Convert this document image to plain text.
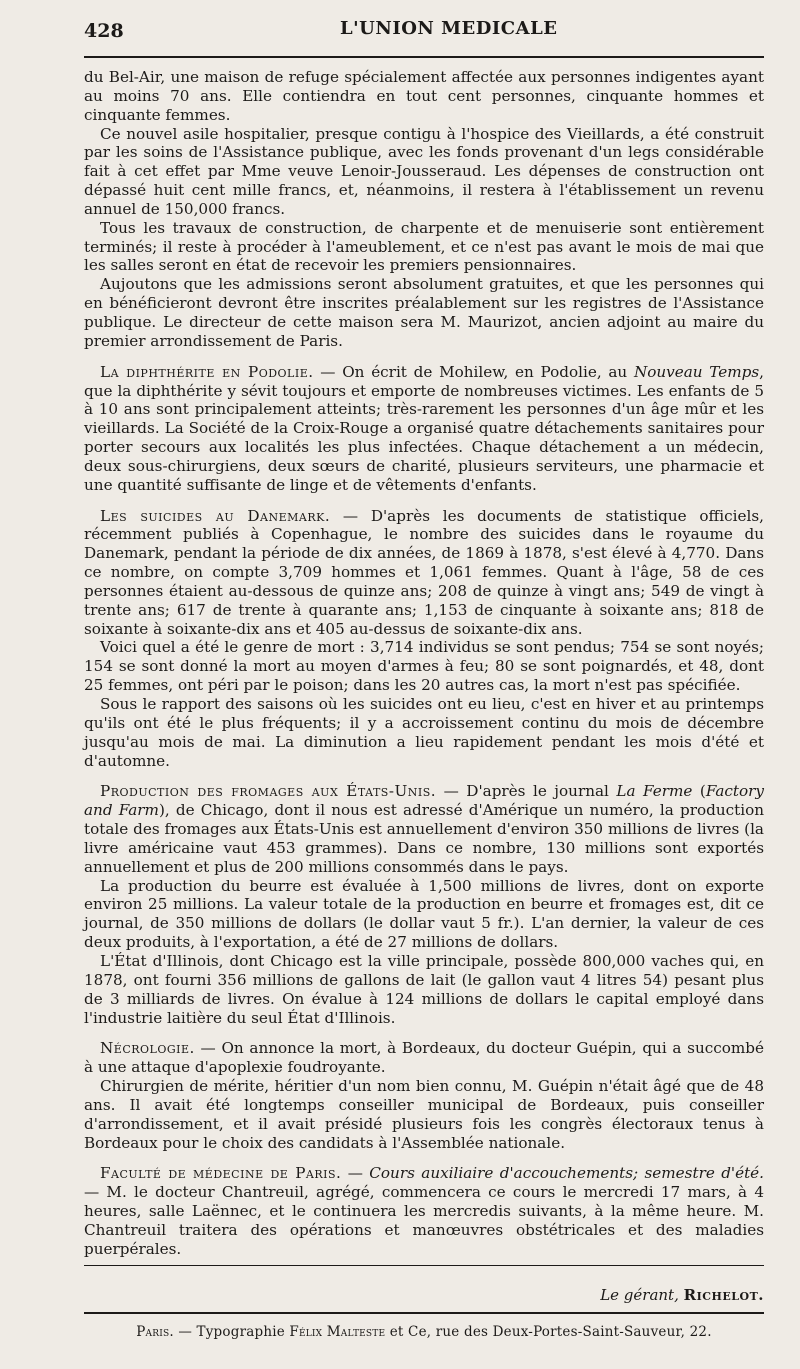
428	L'UNION MEDICALE

du Bel-Air, une maison de refuge spécialement affectée aux personnes indigentes ayant au moins 70 ans. Elle contiendra en tout cent personnes, cinquante hommes et cinquante femmes.

Ce nouvel asile hospitalier, presque contigu à l'hospice des Vieillards, a été construit par les soins de l'Assistance publique, avec les fonds provenant d'un legs considérable fait à cet effet par Mme veuve Lenoir-Jousseraud. Les dépenses de construction ont dépassé huit cent mille francs, et, néanmoins, il restera à l'établissement un revenu annuel de 150,000 francs.

Tous les travaux de construction, de charpente et de menuiserie sont entièrement terminés; il reste à procéder à l'ameublement, et ce n'est pas avant le mois de mai que les salles seront en état de recevoir les premiers pensionnaires.

Aujoutons que les admissions seront absolument gratuites, et que les personnes qui en bénéficieront devront être inscrites préalablement sur les registres de l'Assistance publique. Le directeur de cette maison sera M. Maurizot, ancien adjoint au maire du premier arrondissement de Paris.

La diphthérite en Podolie. — On écrit de Mohilew, en Podolie, au Nouveau Temps, que la diphthérite y sévit toujours et emporte de nombreuses victimes. Les enfants de 5 à 10 ans sont principalement atteints; très-rarement les personnes d'un âge mûr et les vieillards. La Société de la Croix-Rouge a organisé quatre détachements sanitaires pour porter secours aux localités les plus infectées. Chaque détachement a un médecin, deux sous-chirurgiens, deux sœurs de charité, plusieurs serviteurs, une pharmacie et une quantité suffisante de linge et de vêtements d'enfants.

Les suicides au Danemark. — D'après les documents de statistique officiels, récemment publiés à Copenhague, le nombre des suicides dans le royaume du Danemark, pendant la période de dix années, de 1869 à 1878, s'est élevé à 4,770. Dans ce nombre, on compte 3,709 hommes et 1,061 femmes. Quant à l'âge, 58 de ces personnes étaient au-dessous de quinze ans; 208 de quinze à vingt ans; 549 de vingt à trente ans; 617 de trente à quarante ans; 1,153 de cinquante à soixante ans; 818 de soixante à soixante-dix ans et 405 au-dessus de soixante-dix ans.

Voici quel a été le genre de mort : 3,714 individus se sont pendus; 754 se sont noyés; 154 se sont donné la mort au moyen d'armes à feu; 80 se sont poignardés, et 48, dont 25 femmes, ont péri par le poison; dans les 20 autres cas, la mort n'est pas spécifiée.

Sous le rapport des saisons où les suicides ont eu lieu, c'est en hiver et au printemps qu'ils ont été le plus fréquents; il y a accroissement continu du mois de décembre jusqu'au mois de mai. La diminution a lieu rapidement pendant les mois d'été et d'automne.

Production des fromages aux États-Unis. — D'après le journal La Ferme (Factory and Farm), de Chicago, dont il nous est adressé d'Amérique un numéro, la production totale des fromages aux États-Unis est annuellement d'environ 350 millions de livres (la livre américaine vaut 453 grammes). Dans ce nombre, 130 millions sont exportés annuellement et plus de 200 millions consommés dans le pays.

La production du beurre est évaluée à 1,500 millions de livres, dont on exporte environ 25 millions. La valeur totale de la production en beurre et fromages est, dit ce journal, de 350 millions de dollars (le dollar vaut 5 fr.). L'an dernier, la valeur de ces deux produits, à l'exportation, a été de 27 millions de dollars.

L'État d'Illinois, dont Chicago est la ville principale, possède 800,000 vaches qui, en 1878, ont fourni 356 millions de gallons de lait (le gallon vaut 4 litres 54) pesant plus de 3 milliards de livres. On évalue à 124 millions de dollars le capital employé dans l'industrie laitière du seul État d'Illinois.

Nécrologie. — On annonce la mort, à Bordeaux, du docteur Guépin, qui a succombé à une attaque d'apoplexie foudroyante.

Chirurgien de mérite, héritier d'un nom bien connu, M. Guépin n'était âgé que de 48 ans. Il avait été longtemps conseiller municipal de Bordeaux, puis conseiller d'arrondissement, et il avait présidé plusieurs fois les congrès électoraux tenus à Bordeaux pour le choix des candidats à l'Assemblée nationale.

Faculté de médecine de Paris. — Cours auxiliaire d'accouchements; semestre d'été. — M. le docteur Chantreuil, agrégé, commencera ce cours le mercredi 17 mars, à 4 heures, salle Laënnec, et le continuera les mercredis suivants, à la même heure. M. Chantreuil traitera des opérations et manœuvres obstétricales et des maladies puerpérales.

Le gérant, Richelot.
Paris. — Typographie Félix Malteste et Ce, rue des Deux-Portes-Saint-Sauveur, 22.
